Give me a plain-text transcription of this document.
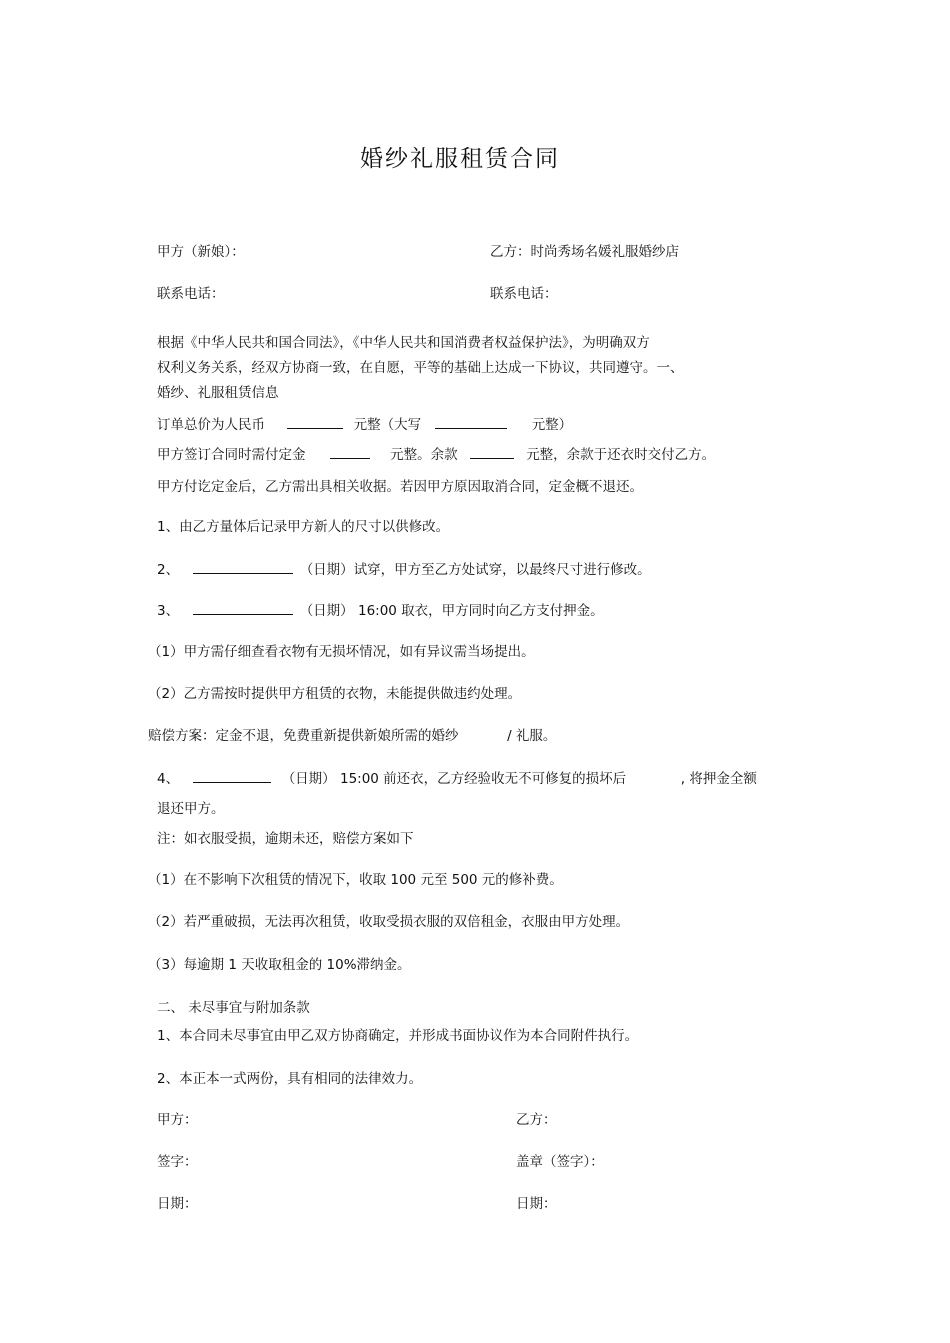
婚纱礼服租赁合同
甲方（新娘）：	乙方：时尚秀场名媛礼服婚纱店
联系电话：	联系电话：
根据《中华人民共和国合同法》，《中华人民共和国消费者权益保护法》，为明确双方
权利义务关系，经双方协商一致，在自愿，平等的基础上达成一下协议，共同遵守。一、
婚纱、礼服租赁信息
订单总价为人民币	元整（大写	元整）
甲方签订合同时需付定金	元整。余款	元整，余款于还衣时交付乙方。
甲方付讫定金后，乙方需出具相关收据。若因甲方原因取消合同，定金概不退还。
1、由乙方量体后记录甲方新人的尺寸以供修改。
2、	（日期）试穿，甲方至乙方处试穿，以最终尺寸进行修改。
3、	（日期） 16:00 取衣，甲方同时向乙方支付押金。
（1）甲方需仔细查看衣物有无损坏情况，如有异议需当场提出。
（2）乙方需按时提供甲方租赁的衣物，未能提供做违约处理。
赔偿方案：定金不退，免费重新提供新娘所需的婚纱	/ 礼服。
4、	（日期） 15:00 前还衣，乙方经验收无不可修复的损坏后	, 将押金全额
退还甲方。
注：如衣服受损，逾期未还，赔偿方案如下
（1）在不影响下次租赁的情况下，收取 100 元至 500 元的修补费。
（2）若严重破损，无法再次租赁，收取受损衣服的双倍租金，衣服由甲方处理。
（3）每逾期 1 天收取租金的 10%滞纳金。
二、 未尽事宜与附加条款
1、本合同未尽事宜由甲乙双方协商确定，并形成书面协议作为本合同附件执行。
2、本正本一式两份，具有相同的法律效力。
甲方：	乙方：
签字：	盖章（签字）：
日期：	日期：
